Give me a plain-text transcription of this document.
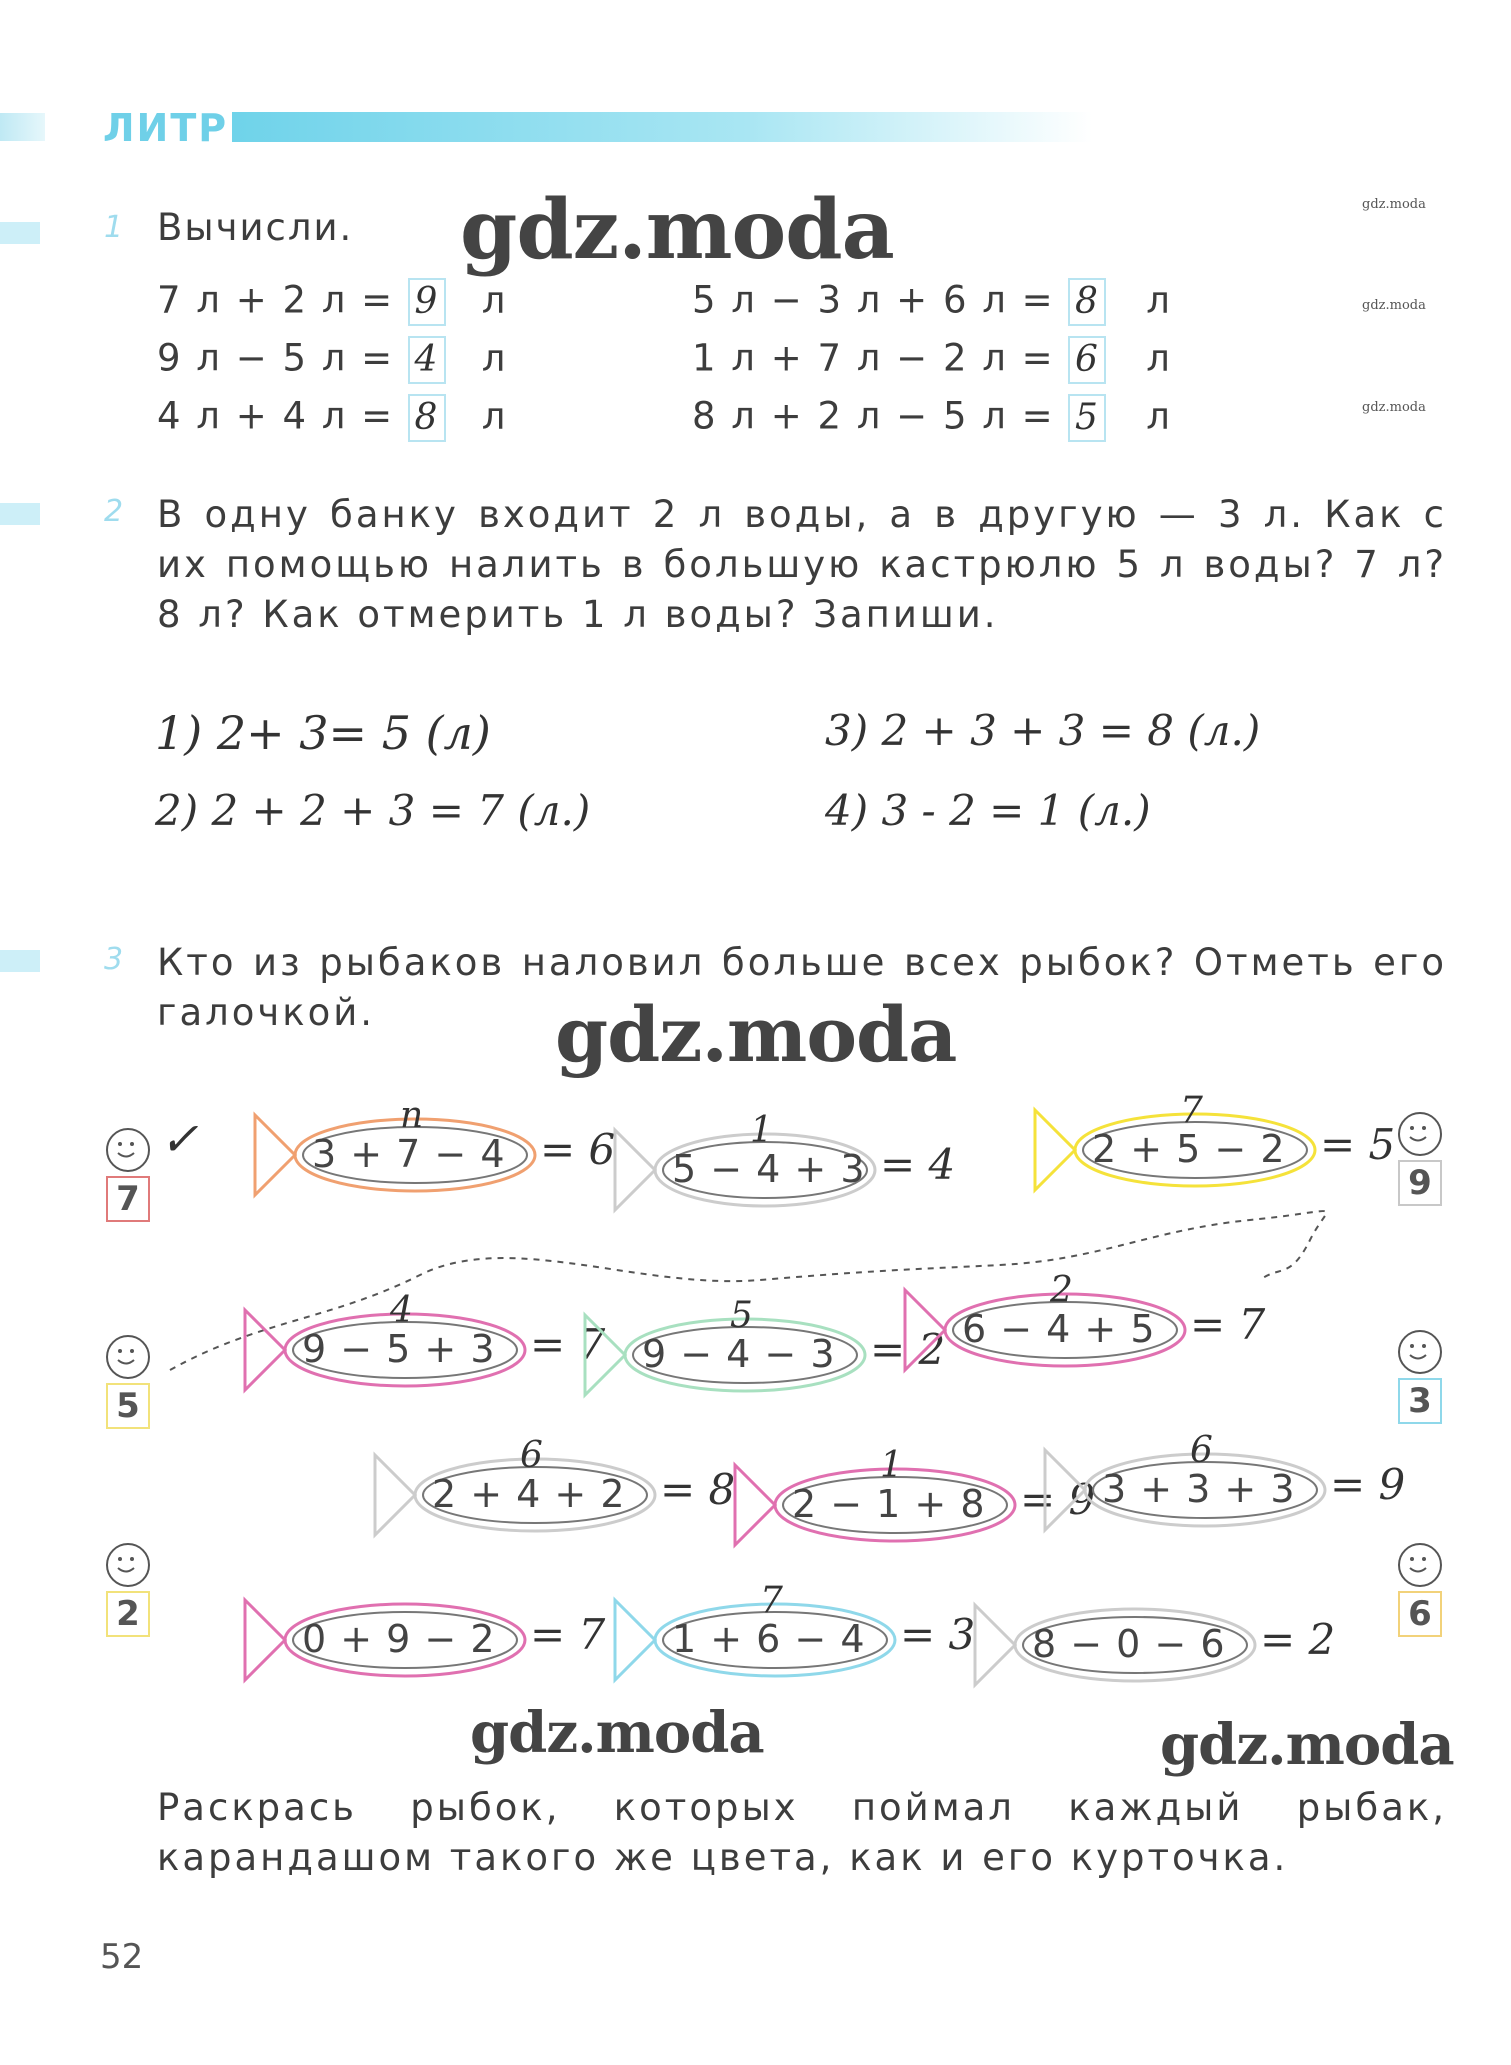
ЛИТР
1 Вычисли. gdz.moda	gdz.moda
gdz.moda
gdz.moda
7 л + 2 л = 9 л
9 л − 5 л = 4 л
4 л + 4 л = 8 л
5 л − 3 л + 6 л = 8 л
1 л + 7 л − 2 л = 6 л
8 л + 2 л − 5 л = 5 л
2 В одну банку входит 2 л воды, а в другую — 3 л. Как с их помощью налить в большую кастрюлю 5 л воды? 7 л? 8 л? Как отмерить 1 л воды? Запиши.
1) 2+ 3= 5 (л)
2) 2 + 2 + 3 = 7 (л.)
3) 2 + 3 + 3 = 8 (л.)
4) 3 - 2 = 1 (л.)
3 Кто из рыбаков наловил больше всех рыбок? Отметь его галочкой.	gdz.moda
7	9
5	3
2	6
3 + 7 − 4 = 6
п
5 − 4 + 3 = 4
1	2 + 5 − 2 = 5
7
9 − 5 + 3 = 7
4
9 − 4 − 3 = 2
5	6 − 4 + 5 = 7
2
2 + 4 + 2 = 8
6
2 − 1 + 8 = 9
1
3 + 3 + 3 = 9
6
0 + 9 − 2 = 7 1 + 6 − 4 = 3
7
8 − 0 − 6 = 2
✓
gdz.moda	gdz.moda
Раскрась рыбок, которых поймал каждый рыбак, карандашом такого же цвета, как и его курточка.
52
